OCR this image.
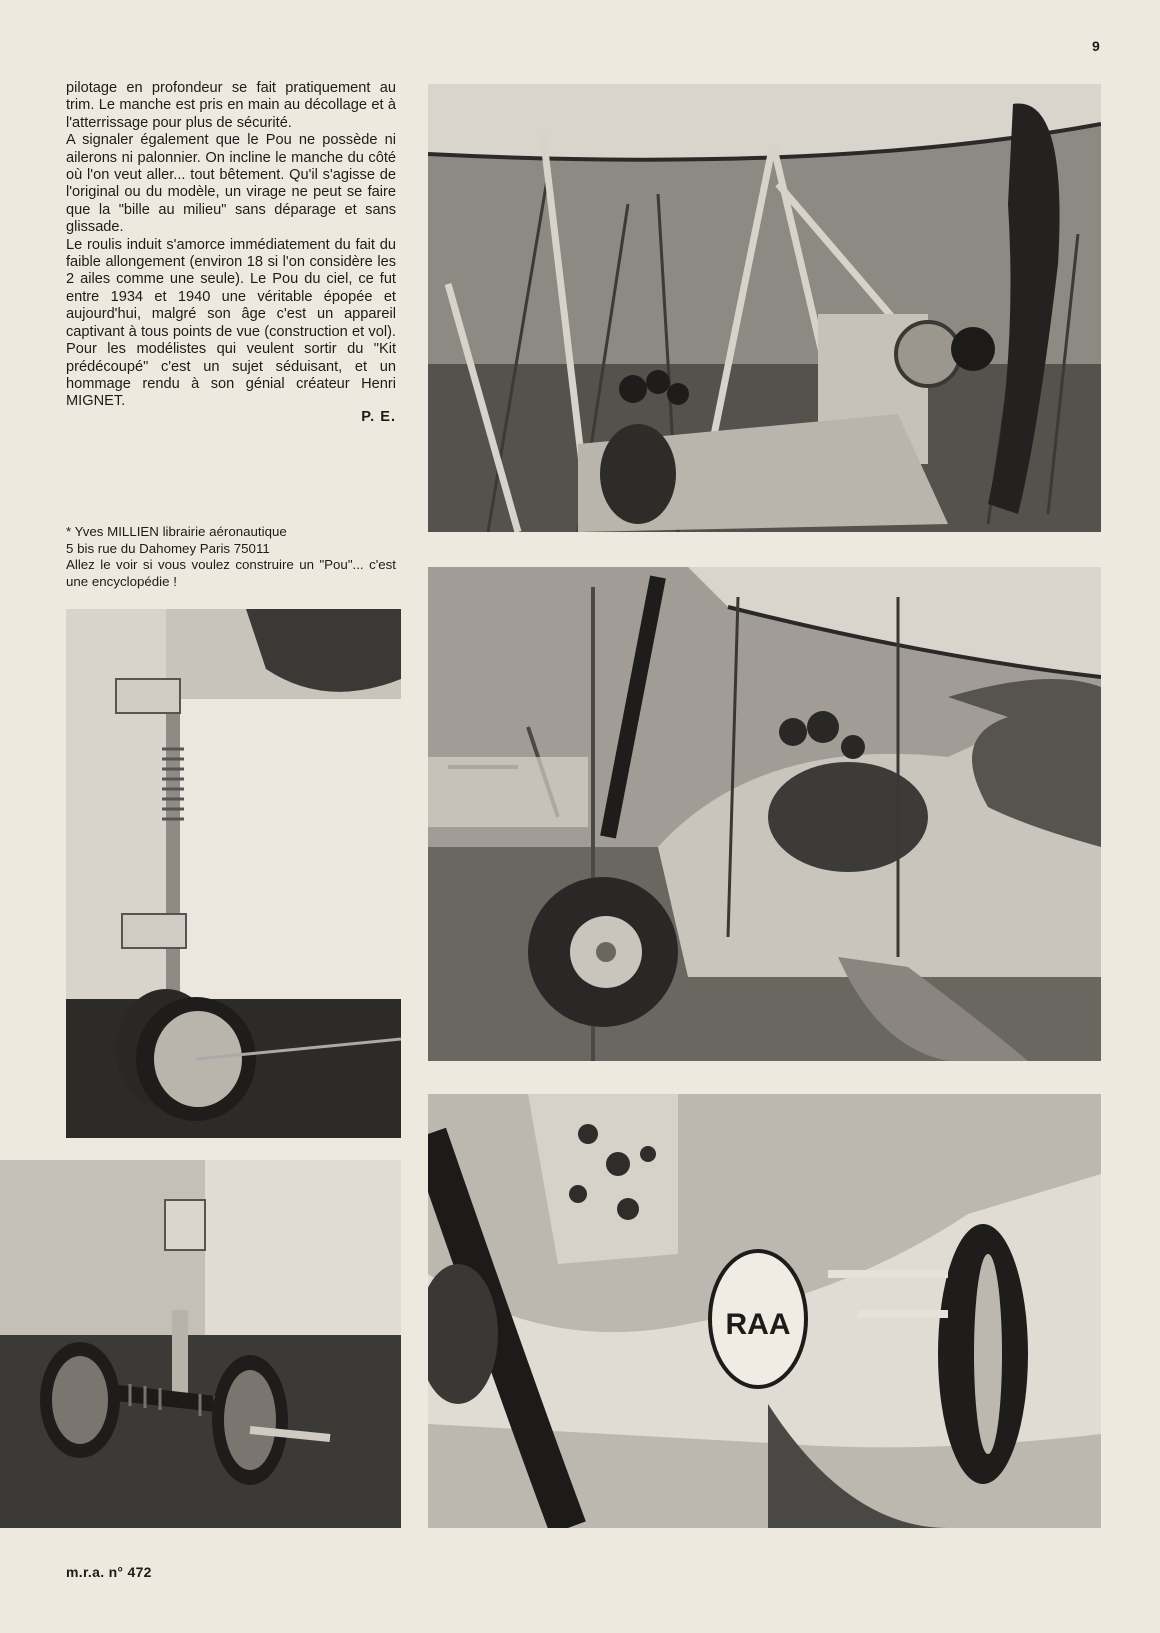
9

pilotage en profondeur se fait pratiquement au trim. Le manche est pris en main au décollage et à l'atterrissage pour plus de sécurité.

A signaler également que le Pou ne possède ni ailerons ni palonnier. On incline le manche du côté où l'on veut aller... tout bêtement. Qu'il s'agisse de l'original ou du modèle, un virage ne peut se faire que la "bille au milieu" sans déparage et sans glissade.

Le roulis induit s'amorce immédiatement du fait du faible allongement (environ 18 si l'on considère les 2 ailes comme une seule). Le Pou du ciel, ce fut entre 1934 et 1940 une véritable épopée et aujourd'hui, malgré son âge c'est un appareil captivant à tous points de vue (construction et vol). Pour les modélistes qui veulent sortir du "Kit prédécoupé" c'est un sujet séduisant, et un hommage rendu à son génial créateur Henri MIGNET.

P. E.
* Yves MILLIEN librairie aéronautique
5 bis rue du Dahomey Paris 75011
Allez le voir si vous voulez construire un "Pou"... c'est une encyclopédie !
RAA
m.r.a. n° 472
